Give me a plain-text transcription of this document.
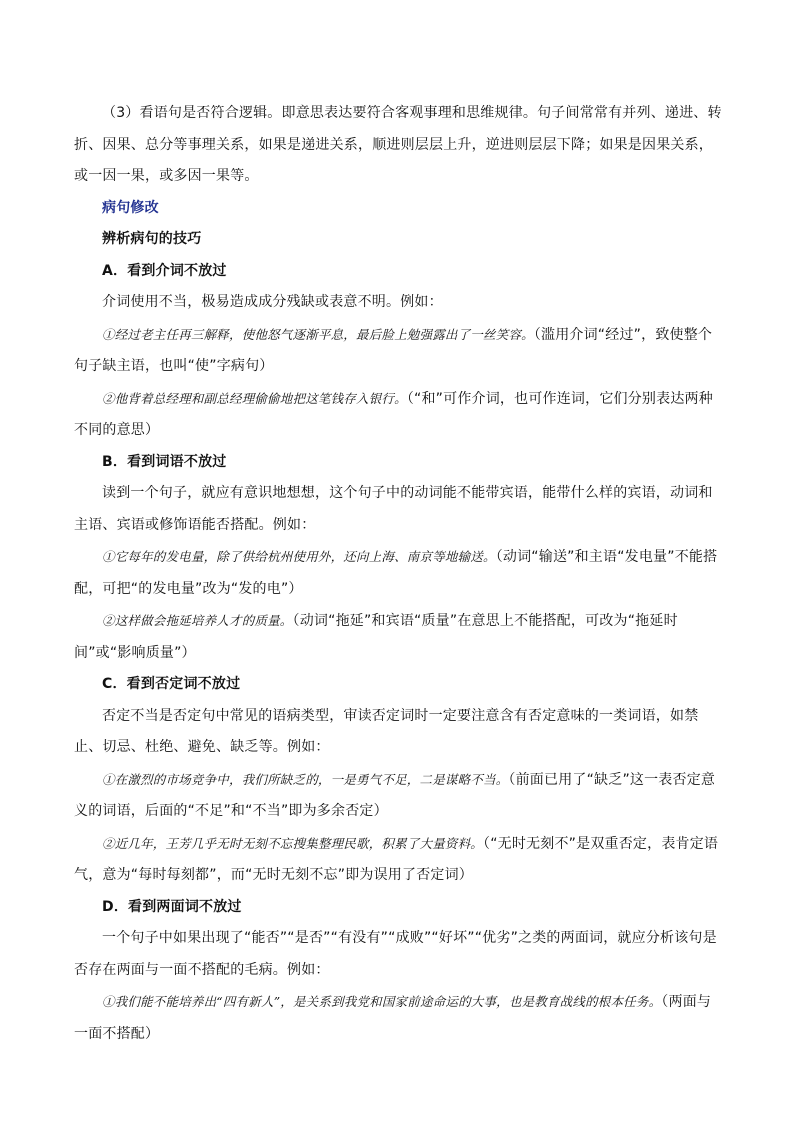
（3）看语句是否符合逻辑。即意思表达要符合客观事理和思维规律。句子间常常有并列、递进、转折、因果、总分等事理关系，如果是递进关系，顺进则层层上升，逆进则层层下降；如果是因果关系，或一因一果，或多因一果等。

病句修改

辨析病句的技巧

A．看到介词不放过

介词使用不当，极易造成成分残缺或表意不明。例如：

①经过老主任再三解释，使他怒气逐渐平息，最后脸上勉强露出了一丝笑容。（滥用介词“经过”，致使整个句子缺主语，也叫“使”字病句）

②他背着总经理和副总经理偷偷地把这笔钱存入银行。（“和”可作介词，也可作连词，它们分别表达两种不同的意思）

B．看到词语不放过

读到一个句子，就应有意识地想想，这个句子中的动词能不能带宾语，能带什么样的宾语，动词和主语、宾语或修饰语能否搭配。例如：

①它每年的发电量，除了供给杭州使用外，还向上海、南京等地输送。（动词“输送”和主语“发电量”不能搭配，可把“的发电量”改为“发的电”）

②这样做会拖延培养人才的质量。（动词“拖延”和宾语“质量”在意思上不能搭配，可改为“拖延时间”或“影响质量”）

C．看到否定词不放过

否定不当是否定句中常见的语病类型，审读否定词时一定要注意含有否定意味的一类词语，如禁止、切忌、杜绝、避免、缺乏等。例如：

①在激烈的市场竞争中，我们所缺乏的，一是勇气不足，二是谋略不当。（前面已用了“缺乏”这一表否定意义的词语，后面的“不足”和“不当”即为多余否定）

②近几年，王芳几乎无时无刻不忘搜集整理民歌，积累了大量资料。（“无时无刻不”是双重否定，表肯定语气，意为“每时每刻都”，而“无时无刻不忘”即为误用了否定词）

D．看到两面词不放过

一个句子中如果出现了“能否”“是否”“有没有”“成败”“好坏”“优劣”之类的两面词，就应分析该句是否存在两面与一面不搭配的毛病。例如：

①我们能不能培养出“四有新人”，是关系到我党和国家前途命运的大事，也是教育战线的根本任务。（两面与一面不搭配）
